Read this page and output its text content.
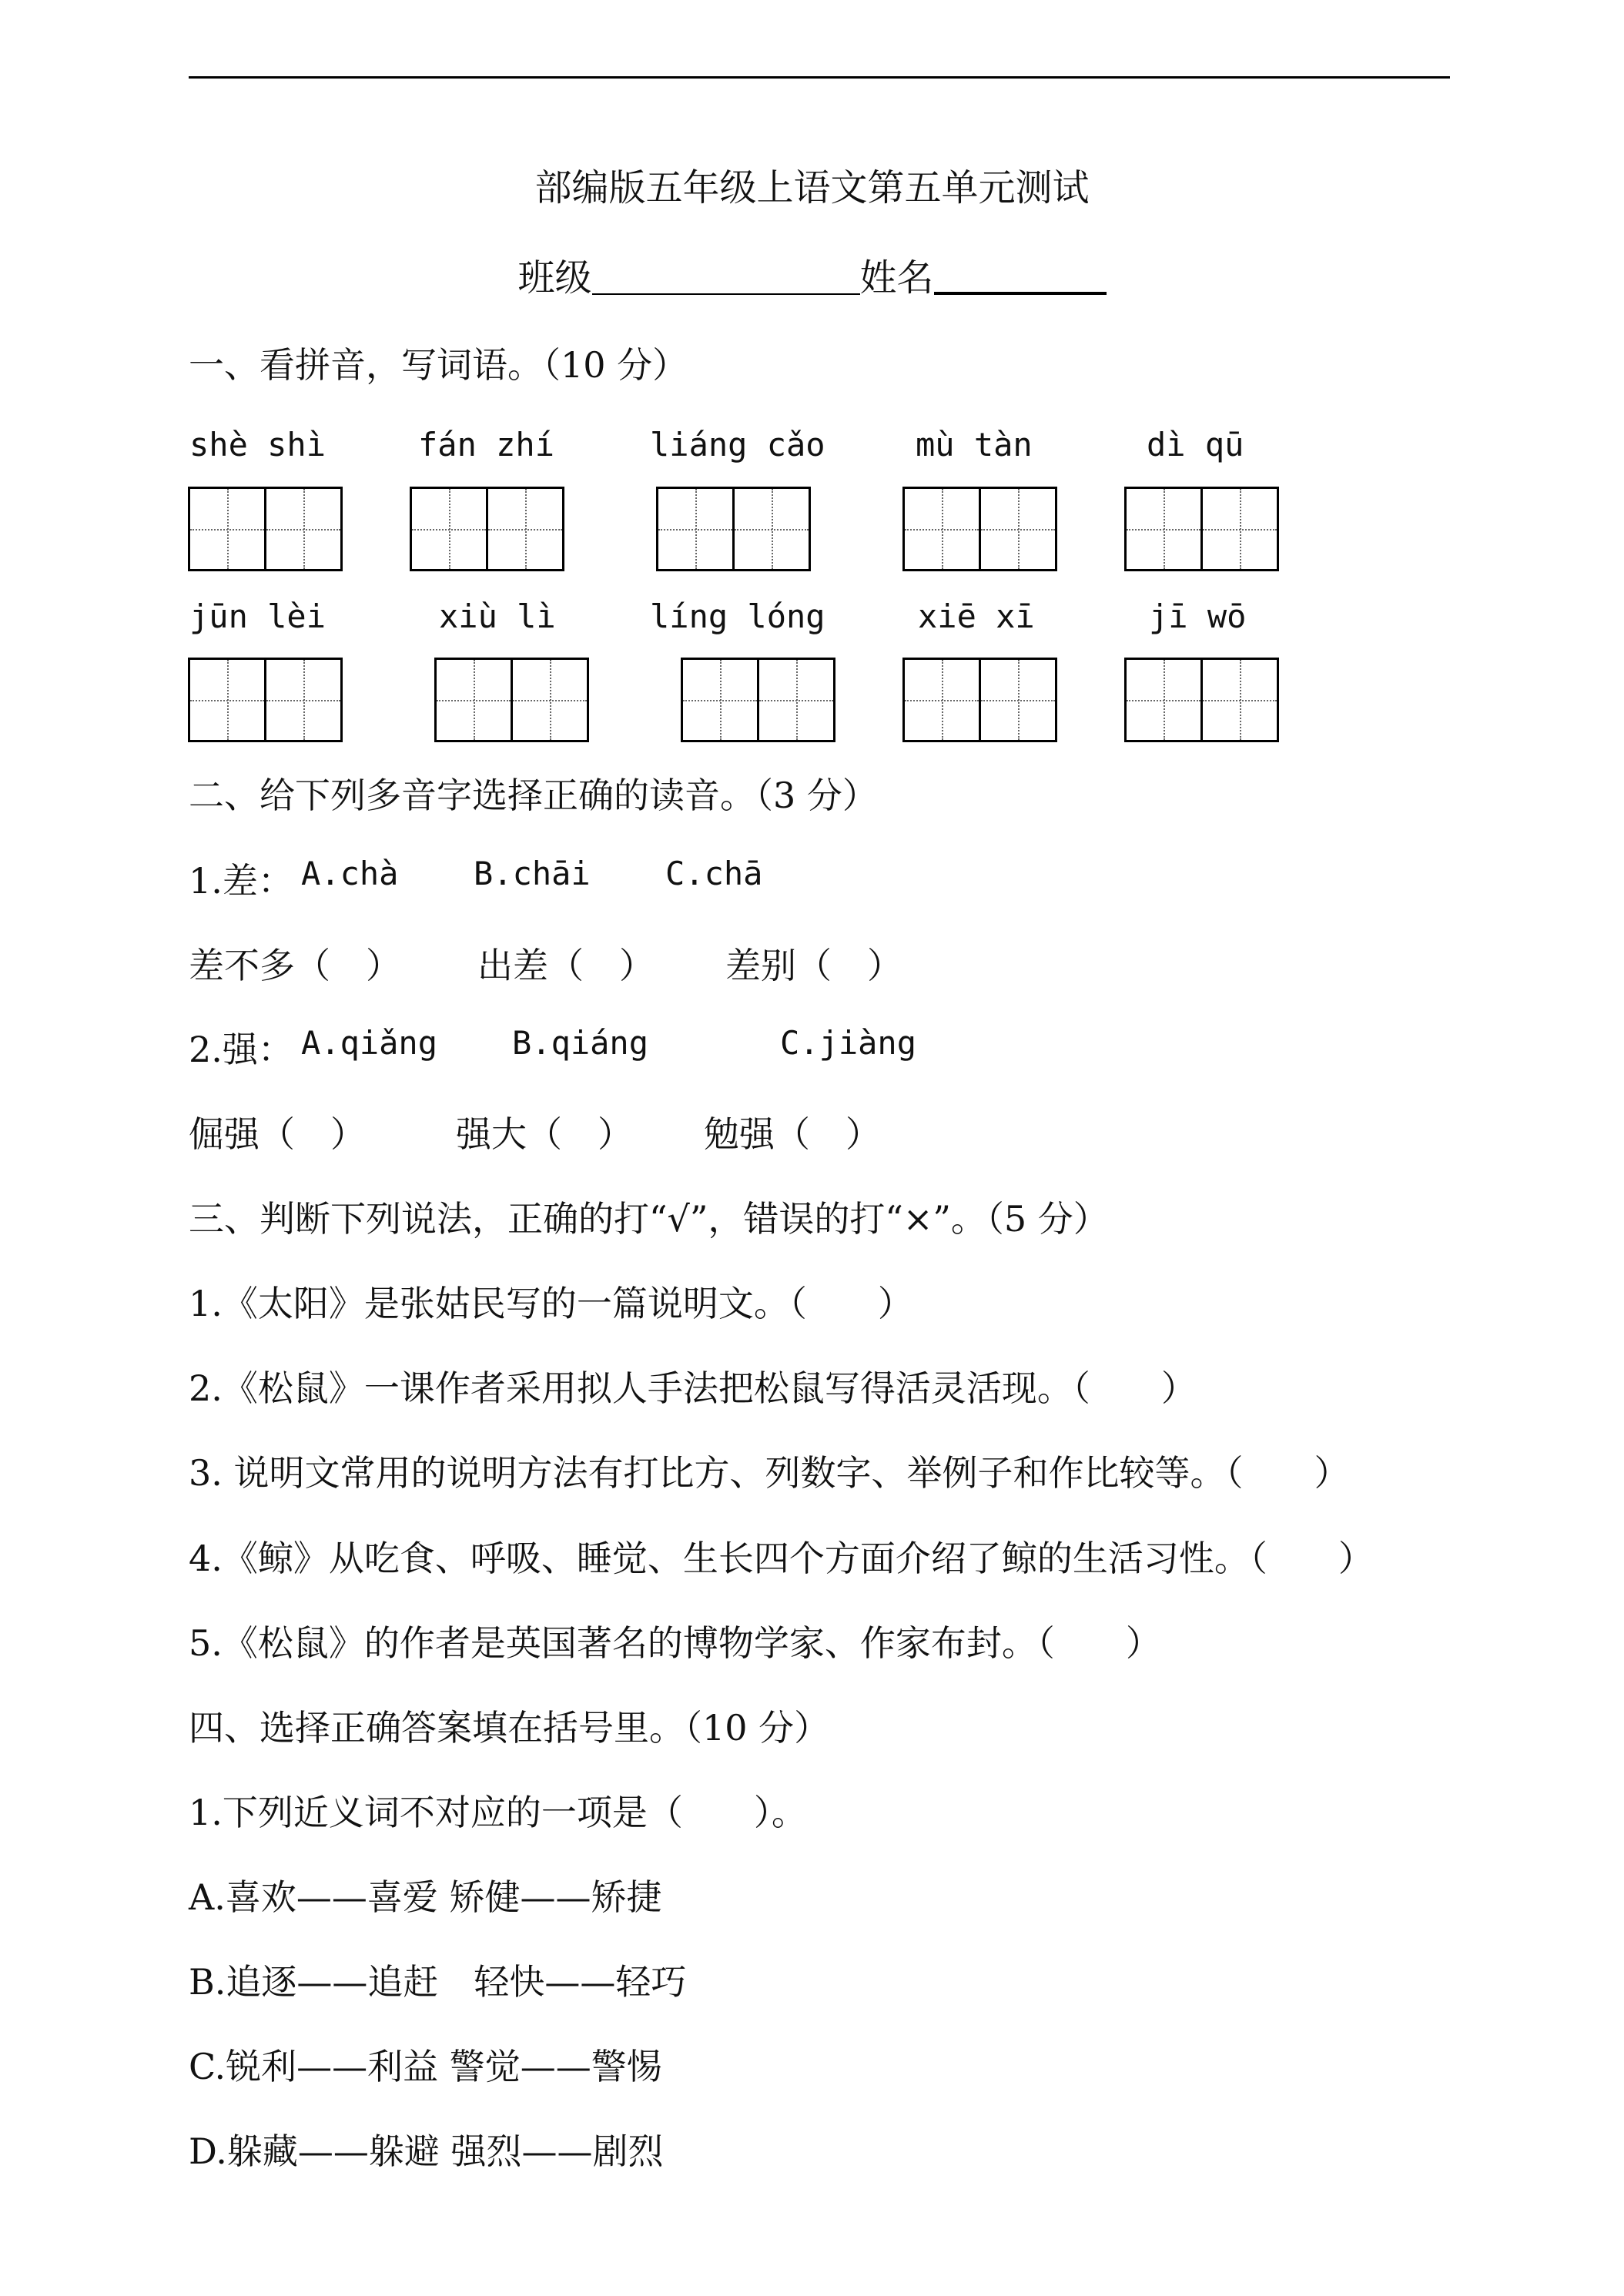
部编版五年级上语文第五单元测试
班级	姓名
一、看拼音，写词语。（10 分）
shè shì	fán zhí	liáng cǎo	mù tàn	dì qū
jūn lèi	xiù lì	líng lóng	xiē xī	jī wō
二、给下列多音字选择正确的读音。（3 分）
1.差： A.chà B.chāi C.chā
差不多（　） 出差（　） 差别（　）
2.强： A.qiǎng B.qiáng	C.jiàng
倔强（　）	强大（　） 勉强（　）
三、判断下列说法，正确的打“√”，错误的打“×”。（5 分）
1.《太阳》是张姑民写的一篇说明文。（　　）
2.《松鼠》一课作者采用拟人手法把松鼠写得活灵活现。（　　）
3. 说明文常用的说明方法有打比方、列数字、举例子和作比较等。（　　）
4.《鲸》从吃食、呼吸、睡觉、生长四个方面介绍了鲸的生活习性。（　　）
5.《松鼠》的作者是英国著名的博物学家、作家布封。（　　）
四、选择正确答案填在括号里。（10 分）
1.下列近义词不对应的一项是（　　）。
A.喜欢——喜爱 矫健——矫捷
B.追逐——追赶　轻快——轻巧
C.锐利——利益 警觉——警惕
D.躲藏——躲避 强烈——剧烈
